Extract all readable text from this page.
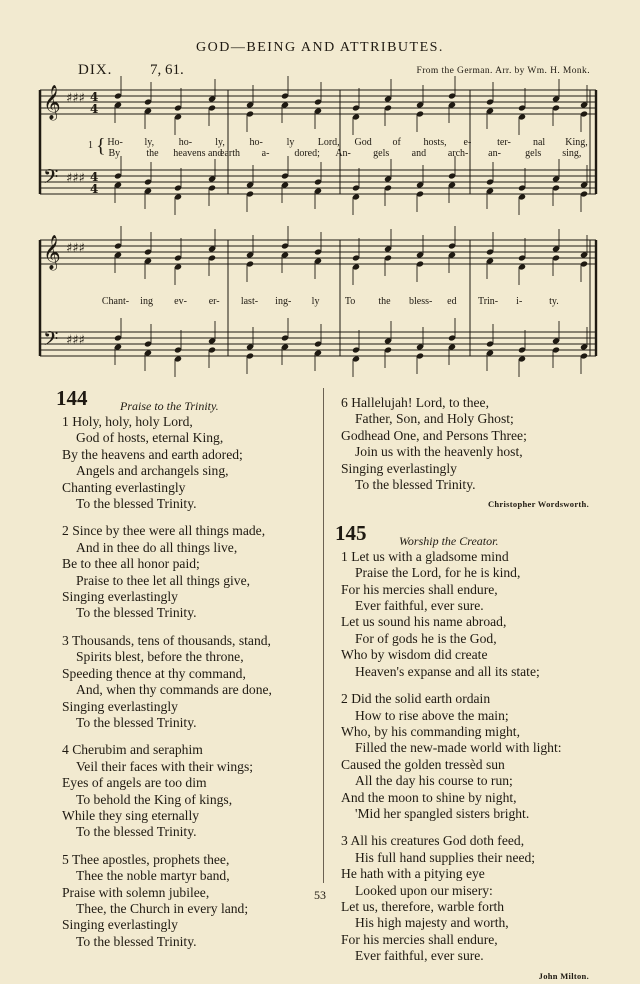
GOD—BEING AND ATTRIBUTES.
DIX.	7, 61.	From the German. Arr. by Wm. H. Monk.
𝄞 ♯♯♯
𝄢 ♯♯♯
𝄞 ♯♯♯
𝄢 ♯♯♯
4
4
4
4
1 { Ho- ly, ho- ly, ho- ly Lord, God of hosts, e-	ter- nal King,
By	the heavens and
earth a- dored; An- gels and arch- an- gels sing,
Chant- ing ev- er- last- ing- ly	To the bless- ed Trin- i-	ty.
144	Praise to the Trinity.
1 Holy, holy, holy Lord,
God of hosts, eternal King,
By the heavens and earth adored;
Angels and archangels sing,
Chanting everlastingly
To the blessed Trinity.
2 Since by thee were all things made,
And in thee do all things live,
Be to thee all honor paid;
Praise to thee let all things give,
Singing everlastingly
To the blessed Trinity.
3 Thousands, tens of thousands, stand,
Spirits blest, before the throne,
Speeding thence at thy command,
And, when thy commands are done,
Singing everlastingly
To the blessed Trinity.
4 Cherubim and seraphim
Veil their faces with their wings;
Eyes of angels are too dim
To behold the King of kings,
While they sing eternally
To the blessed Trinity.
5 Thee apostles, prophets thee,
Thee the noble martyr band,
Praise with solemn jubilee,
Thee, the Church in every land;
Singing everlastingly
To the blessed Trinity.
6 Hallelujah! Lord, to thee,
Father, Son, and Holy Ghost;
Godhead One, and Persons Three;
Join us with the heavenly host,
Singing everlastingly
To the blessed Trinity.
Christopher Wordsworth.
145	Worship the Creator.
1 Let us with a gladsome mind
Praise the Lord, for he is kind,
For his mercies shall endure,
Ever faithful, ever sure.
Let us sound his name abroad,
For of gods he is the God,
Who by wisdom did create
Heaven's expanse and all its state;
2 Did the solid earth ordain
How to rise above the main;
Who, by his commanding might,
Filled the new-made world with light:
Caused the golden tressèd sun
All the day his course to run;
And the moon to shine by night,
'Mid her spangled sisters bright.
3 All his creatures God doth feed,
His full hand supplies their need;
He hath with a pitying eye
Looked upon our misery:
Let us, therefore, warble forth
His high majesty and worth,
For his mercies shall endure,
Ever faithful, ever sure.
John Milton.
53
